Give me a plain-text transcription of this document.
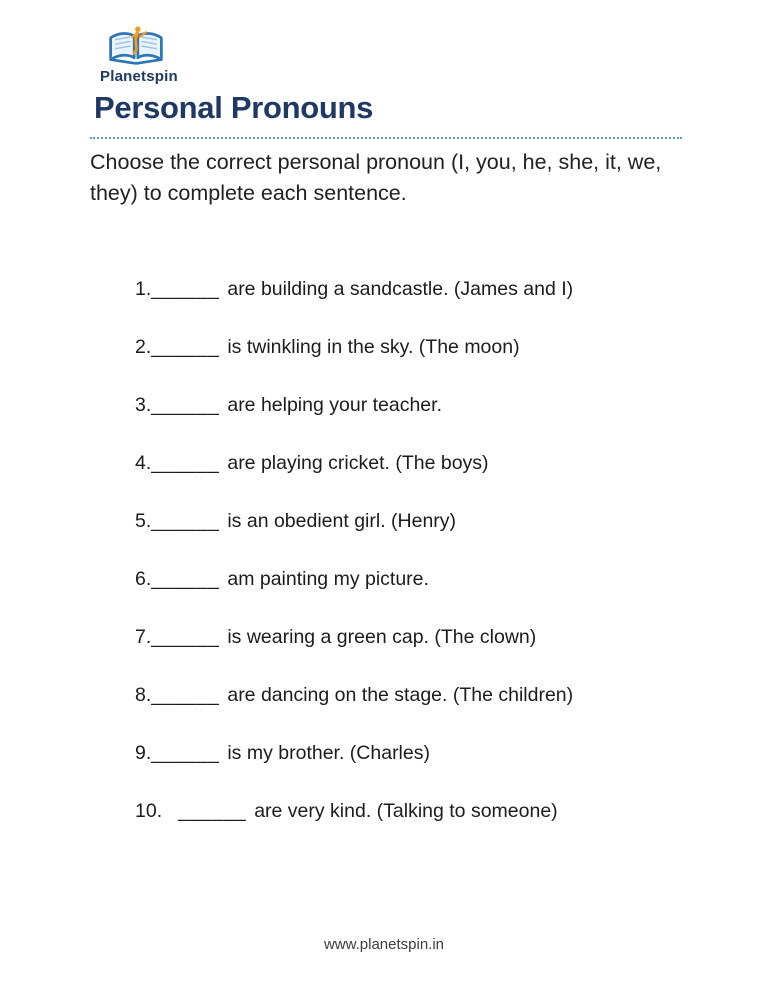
Planetspin
Personal Pronouns

Choose the correct personal pronoun (I, you, he, she, it, we, they) to complete each sentence.

1.______ are building a sandcastle. (James and I)
2.______ is twinkling in the sky. (The moon)
3.______ are helping your teacher.
4.______ are playing cricket. (The boys)
5.______ is an obedient girl. (Henry)
6.______ am painting my picture.
7.______ is wearing a green cap. (The clown)
8.______ are dancing on the stage. (The children)
9.______ is my brother. (Charles)
10. ______ are very kind. (Talking to someone)
www.planetspin.in
